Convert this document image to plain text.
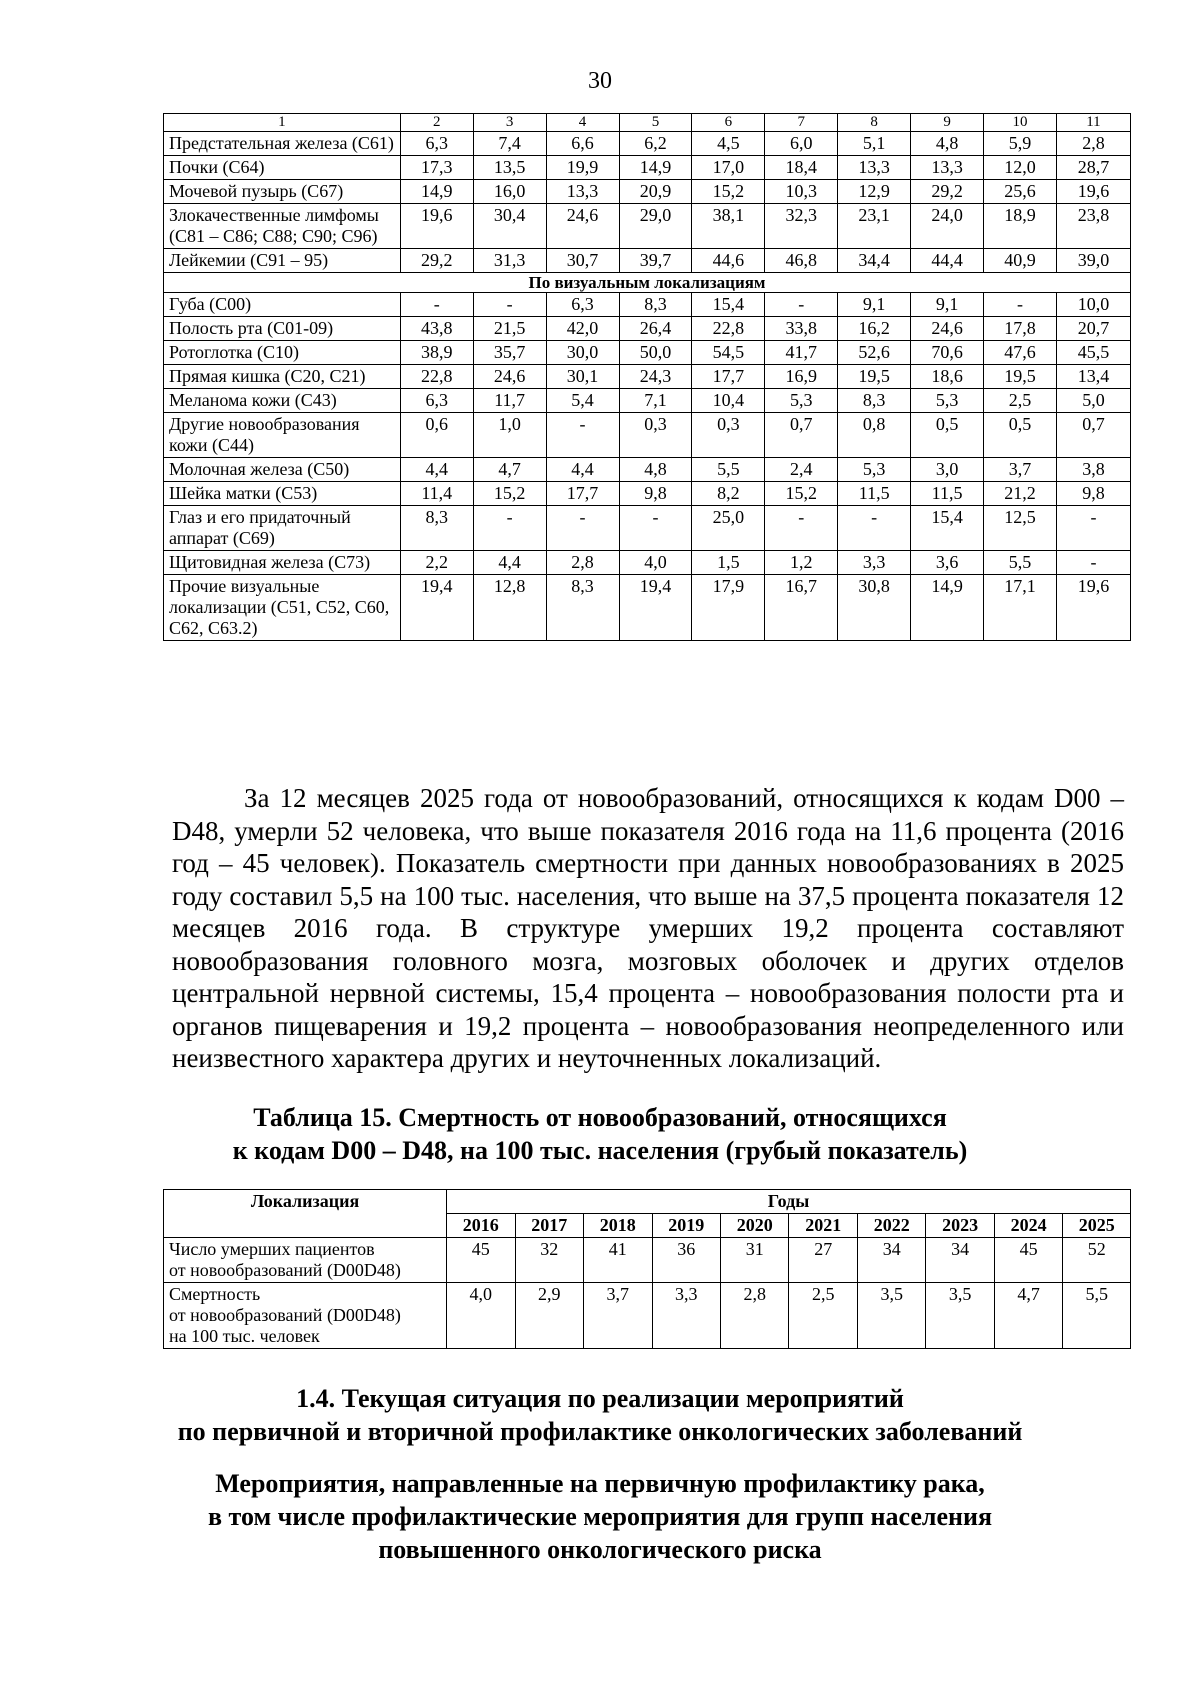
30
1	2	3	4	5	6	7	8	9	10	11
Предстательная железа (C61)	6,3	7,4	6,6	6,2	4,5	6,0	5,1	4,8	5,9	2,8
Почки (C64)	17,3	13,5	19,9	14,9	17,0	18,4	13,3	13,3	12,0	28,7
Мочевой пузырь (C67)	14,9	16,0	13,3	20,9	15,2	10,3	12,9	29,2	25,6	19,6
Злокачественные лимфомы (C81 – C86; C88; C90; C96)	19,6	30,4	24,6	29,0	38,1	32,3	23,1	24,0	18,9	23,8
Лейкемии (C91 – 95)	29,2	31,3	30,7	39,7	44,6	46,8	34,4	44,4	40,9	39,0
По визуальным локализациям										
Губа (C00)	-	-	6,3	8,3	15,4	-	9,1	9,1	-	10,0
Полость рта (C01-09)	43,8	21,5	42,0	26,4	22,8	33,8	16,2	24,6	17,8	20,7
Ротоглотка (C10)	38,9	35,7	30,0	50,0	54,5	41,7	52,6	70,6	47,6	45,5
Прямая кишка (C20, C21)	22,8	24,6	30,1	24,3	17,7	16,9	19,5	18,6	19,5	13,4
Меланома кожи (C43)	6,3	11,7	5,4	7,1	10,4	5,3	8,3	5,3	2,5	5,0
Другие новообразования кожи (C44)	0,6	1,0	-	0,3	0,3	0,7	0,8	0,5	0,5	0,7
Молочная железа (C50)	4,4	4,7	4,4	4,8	5,5	2,4	5,3	3,0	3,7	3,8
Шейка матки (C53)	11,4	15,2	17,7	9,8	8,2	15,2	11,5	11,5	21,2	9,8
Глаз и его придаточный аппарат (C69)	8,3	-	-	-	25,0	-	-	15,4	12,5	-
Щитовидная железа (C73)	2,2	4,4	2,8	4,0	1,5	1,2	3,3	3,6	5,5	-
Прочие визуальные локализации (C51, C52, C60, C62, C63.2)	19,4	12,8	8,3	19,4	17,9	16,7	30,8	14,9	17,1	19,6

За 12 месяцев 2025 года от новообразований, относящихся к кодам D00 – D48, умерли 52 человека, что выше показателя 2016 года на 11,6 процента (2016 год – 45 человек). Показатель смертности при данных новообразованиях в 2025 году составил 5,5 на 100 тыс. населения, что выше на 37,5 процента показателя 12 месяцев 2016 года. В структуре умерших 19,2 процента составляют новообразования головного мозга, мозговых оболочек и других отделов центральной нервной системы, 15,4 процента – новообразования полости рта и органов пищеварения и 19,2 процента – новообразования неопределенного или неизвестного характера других и неуточненных локализаций.

Таблица 15. Смертность от новообразований, относящихся
к кодам D00 – D48, на 100 тыс. населения (грубый показатель)
Локализация	Годы									
	2016	2017	2018	2019	2020	2021	2022	2023	2024	2025

Число умерших пациентов
от новообразований (D00D48)	45	32	41	36	31	27	34	34	45	52

Смертность
от новообразований (D00D48)
на 100 тыс. человек	4,0	2,9	3,7	3,3	2,8	2,5	3,5	3,5	4,7	5,5
1.4. Текущая ситуация по реализации мероприятий
по первичной и вторичной профилактике онкологических заболеваний
Мероприятия, направленные на первичную профилактику рака,
в том числе профилактические мероприятия для групп населения
повышенного онкологического риска
